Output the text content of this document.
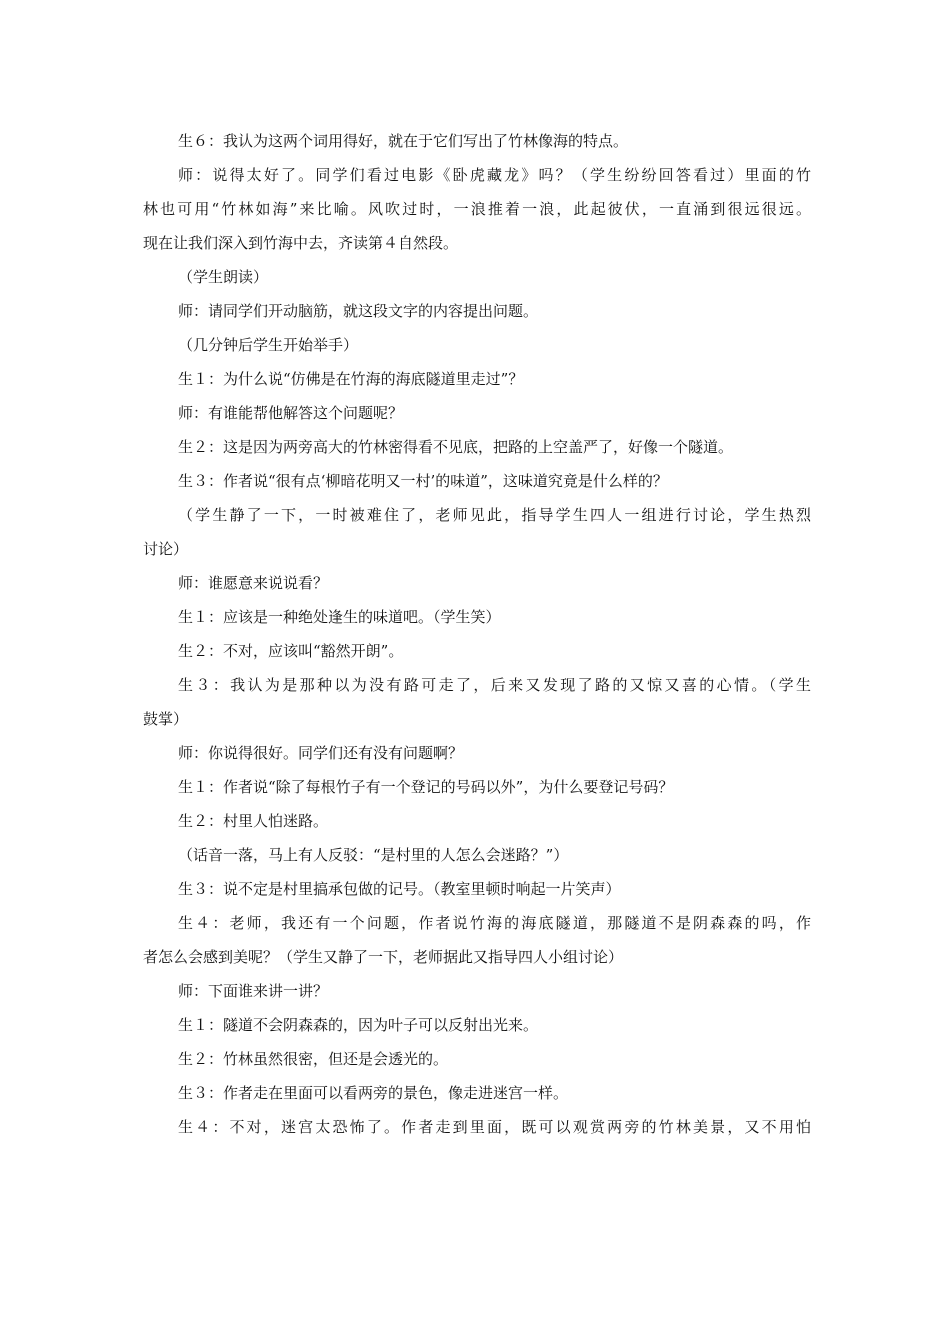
生６：我认为这两个词用得好，就在于它们写出了竹林像海的特点。
师：说得太好了。同学们看过电影《卧虎藏龙》吗？（学生纷纷回答看过）里面的竹
林也可用“竹林如海”来比喻。风吹过时，一浪推着一浪，此起彼伏，一直涌到很远很远。
现在让我们深入到竹海中去，齐读第４自然段。
（学生朗读）
师：请同学们开动脑筋，就这段文字的内容提出问题。
（几分钟后学生开始举手）
生１：为什么说“仿佛是在竹海的海底隧道里走过”？
师：有谁能帮他解答这个问题呢？
生２：这是因为两旁高大的竹林密得看不见底，把路的上空盖严了，好像一个隧道。
生３：作者说“很有点‘柳暗花明又一村’的味道”，这味道究竟是什么样的？
（学生静了一下，一时被难住了，老师见此，指导学生四人一组进行讨论，学生热烈
讨论）
师：谁愿意来说说看？
生１：应该是一种绝处逢生的味道吧。（学生笑）
生２：不对，应该叫“豁然开朗”。
生３：我认为是那种以为没有路可走了，后来又发现了路的又惊又喜的心情。（学生
鼓掌）
师：你说得很好。同学们还有没有问题啊？
生１：作者说“除了每根竹子有一个登记的号码以外”，为什么要登记号码？
生２：村里人怕迷路。
（话音一落，马上有人反驳：“是村里的人怎么会迷路？”）
生３：说不定是村里搞承包做的记号。（教室里顿时响起一片笑声）
生４：老师，我还有一个问题，作者说竹海的海底隧道，那隧道不是阴森森的吗，作
者怎么会感到美呢？（学生又静了一下，老师据此又指导四人小组讨论）
师：下面谁来讲一讲？
生１：隧道不会阴森森的，因为叶子可以反射出光来。
生２：竹林虽然很密，但还是会透光的。
生３：作者走在里面可以看两旁的景色，像走进迷宫一样。
生４：不对，迷宫太恐怖了。作者走到里面，既可以观赏两旁的竹林美景，又不用怕
